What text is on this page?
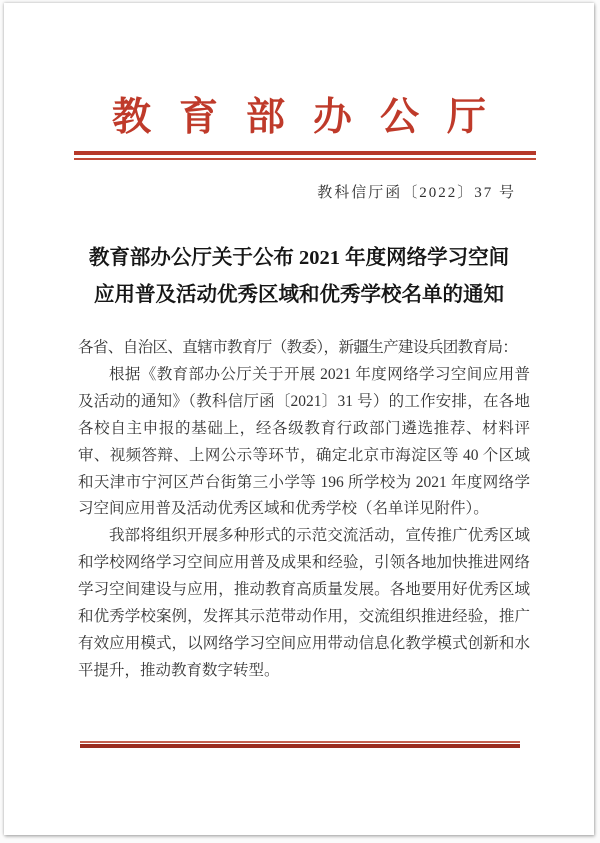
教育部办公厅
教科信厅函〔2022〕37 号
教育部办公厅关于公布 2021 年度网络学习空间
应用普及活动优秀区域和优秀学校名单的通知
各省、自治区、直辖市教育厅（教委），新疆生产建设兵团教育局：

根据《教育部办公厅关于开展 2021 年度网络学习空间应用普及活动的通知》（教科信厅函〔2021〕31 号）的工作安排，在各地各校自主申报的基础上，经各级教育行政部门遴选推荐、材料评审、视频答辩、上网公示等环节，确定北京市海淀区等 40 个区域和天津市宁河区芦台街第三小学等 196 所学校为 2021 年度网络学习空间应用普及活动优秀区域和优秀学校（名单详见附件）。

我部将组织开展多种形式的示范交流活动，宣传推广优秀区域和学校网络学习空间应用普及成果和经验，引领各地加快推进网络学习空间建设与应用，推动教育高质量发展。各地要用好优秀区域和优秀学校案例，发挥其示范带动作用，交流组织推进经验，推广有效应用模式，以网络学习空间应用带动信息化教学模式创新和水平提升，推动教育数字转型。
